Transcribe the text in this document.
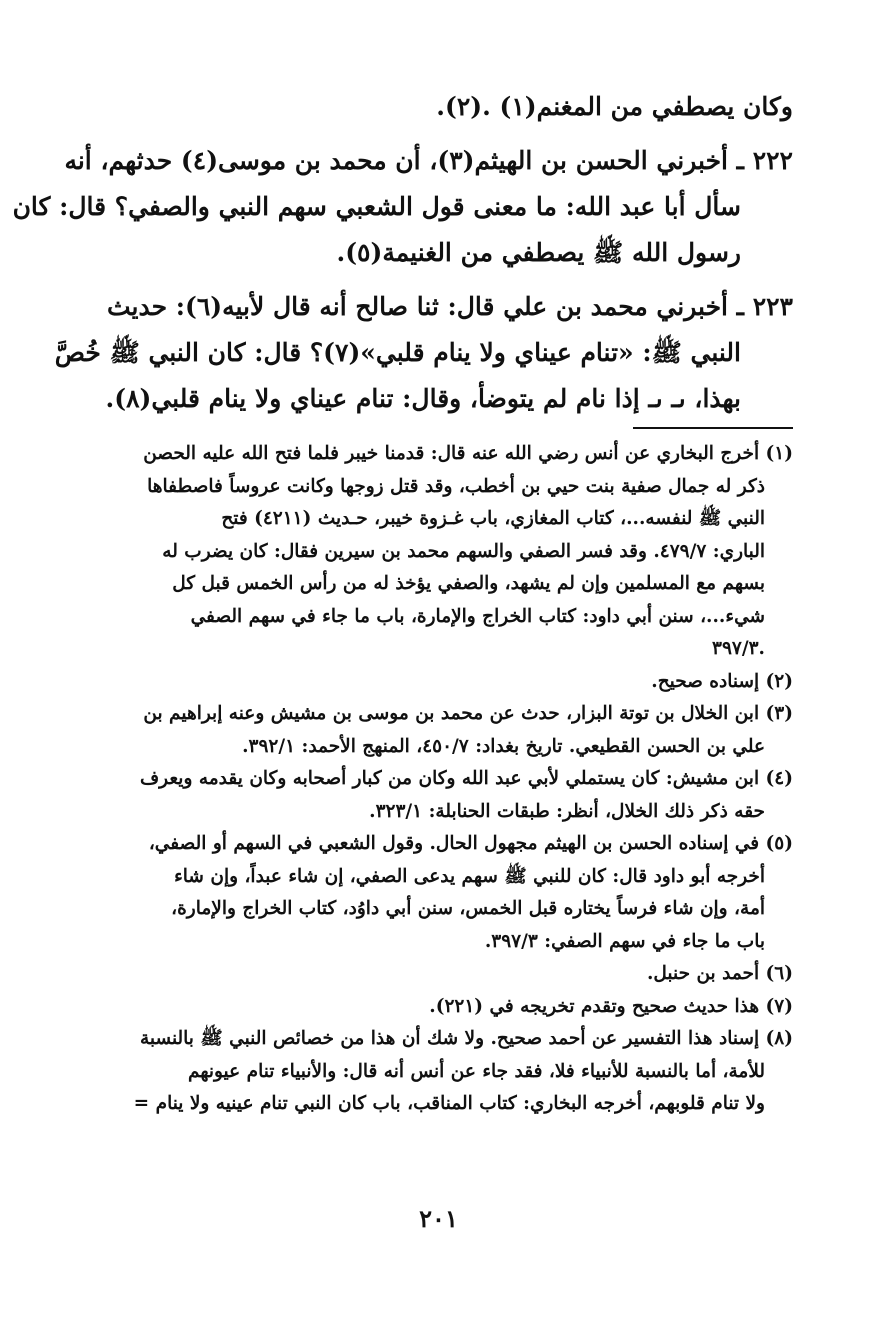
وكان يصطفي من المغنم(١) .(٢).
٢٢٢ ـ أخبرني الحسن بن الهيثم(٣)، أن محمد بن موسى(٤) حدثهم، أنه
سأل أبا عبد الله: ما معنى قول الشعبي سهم النبي والصفي؟ قال: كان
رسول الله ﷺ يصطفي من الغنيمة(٥).
٢٢٣ ـ أخبرني محمد بن علي قال: ثنا صالح أنه قال لأبيه(٦): حديث
النبي ﷺ: «تنام عيناي ولا ينام قلبي»(٧)؟ قال: كان النبي ﷺ خُصَّ
بهذا، ىـ ىـ إذا نام لم يتوضأ، وقال: تنام عيناي ولا ينام قلبي(٨).
(١) أخرج البخاري عن أنس رضي الله عنه قال: قدمنا خيبر فلما فتح الله عليه الحصن
ذكر له جمال صفية بنت حيي بن أخطب، وقد قتل زوجها وكانت عروساً فاصطفاها
النبي ﷺ لنفسه...، كتاب المغازي، باب غـزوة خيبر، حـديث (٤٢١١) فتح
الباري: ٤٧٩/٧. وقد فسر الصفي والسهم محمد بن سيرين فقال: كان يضرب له
بسهم مع المسلمين وإن لم يشهد، والصفي يؤخذ له من رأس الخمس قبل كل
شيء...، سنن أبي داود: كتاب الخراج والإمارة، باب ما جاء في سهم الصفي
.٣٩٧/٣
(٢) إسناده صحيح.
(٣) ابن الخلال بن توتة البزار، حدث عن محمد بن موسى بن مشيش وعنه إبراهيم بن
علي بن الحسن القطيعي. تاريخ بغداد: ٤٥٠/٧، المنهج الأحمد: ٣٩٢/١.
(٤) ابن مشيش: كان يستملي لأبي عبد الله وكان من كبار أصحابه وكان يقدمه ويعرف
حقه ذكر ذلك الخلال، أنظر: طبقات الحنابلة: ٣٢٣/١.
(٥) في إسناده الحسن بن الهيثم مجهول الحال. وقول الشعبي في السهم أو الصفي،
أخرجه أبو داود قال: كان للنبي ﷺ سهم يدعى الصفي، إن شاء عبداً، وإن شاء
أمة، وإن شاء فرساً يختاره قبل الخمس، سنن أبي داوُد، كتاب الخراج والإمارة،
باب ما جاء في سهم الصفي: ٣٩٧/٣.
(٦) أحمد بن حنبل.
(٧) هذا حديث صحيح وتقدم تخريجه في (٢٢١).
(٨) إسناد هذا التفسير عن أحمد صحيح. ولا شك أن هذا من خصائص النبي ﷺ بالنسبة
للأمة، أما بالنسبة للأنبياء فلا، فقد جاء عن أنس أنه قال: والأنبياء تنام عيونهم
ولا تنام قلوبهم، أخرجه البخاري: كتاب المناقب، باب كان النبي تنام عينيه ولا ينام =
٢٠١
